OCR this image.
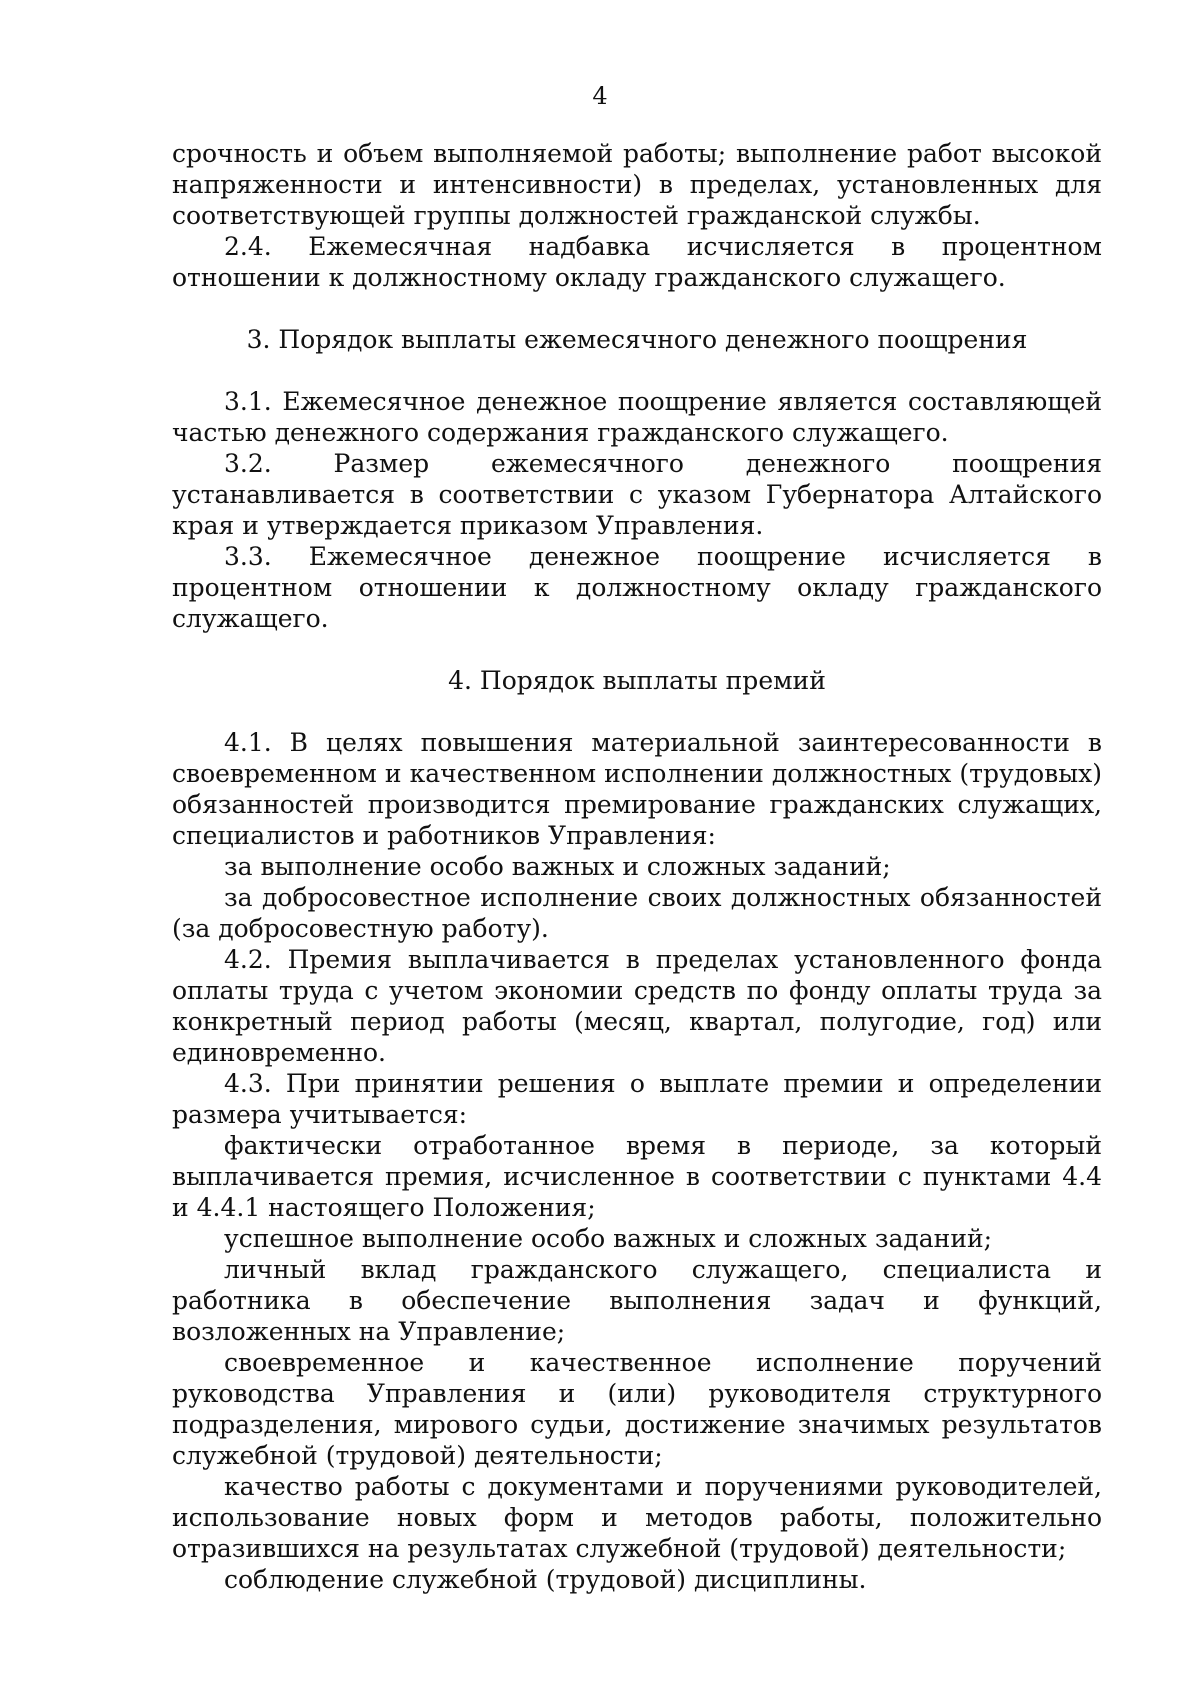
4

срочность и объем выполняемой работы; выполнение работ высокой напряженности и интенсивности) в пределах, установленных для соответствующей группы должностей гражданской службы.

2.4. Ежемесячная надбавка исчисляется в процентном отношении к должностному окладу гражданского служащего.

3. Порядок выплаты ежемесячного денежного поощрения

3.1. Ежемесячное денежное поощрение является составляющей частью денежного содержания гражданского служащего.

3.2. Размер ежемесячного денежного поощрения устанавливается в соответствии с указом Губернатора Алтайского края и утверждается приказом Управления.

3.3. Ежемесячное денежное поощрение исчисляется в процентном отношении к должностному окладу гражданского служащего.

4. Порядок выплаты премий

4.1. В целях повышения материальной заинтересованности в своевременном и качественном исполнении должностных (трудовых) обязанностей производится премирование гражданских служащих, специалистов и работников Управления:

за выполнение особо важных и сложных заданий;

за добросовестное исполнение своих должностных обязанностей (за добросовестную работу).

4.2. Премия выплачивается в пределах установленного фонда оплаты труда с учетом экономии средств по фонду оплаты труда за конкретный период работы (месяц, квартал, полугодие, год) или единовременно.

4.3. При принятии решения о выплате премии и определении размера учитывается:

фактически отработанное время в периоде, за который выплачивается премия, исчисленное в соответствии с пунктами 4.4 и 4.4.1 настоящего Положения;

успешное выполнение особо важных и сложных заданий;

личный вклад гражданского служащего, специалиста и работника в обеспечение выполнения задач и функций, возложенных на Управление;

своевременное и качественное исполнение поручений руководства Управления и (или) руководителя структурного подразделения, мирового судьи, достижение значимых результатов служебной (трудовой) деятельности;

качество работы с документами и поручениями руководителей, использование новых форм и методов работы, положительно отразившихся на результатах служебной (трудовой) деятельности;

соблюдение служебной (трудовой) дисциплины.
